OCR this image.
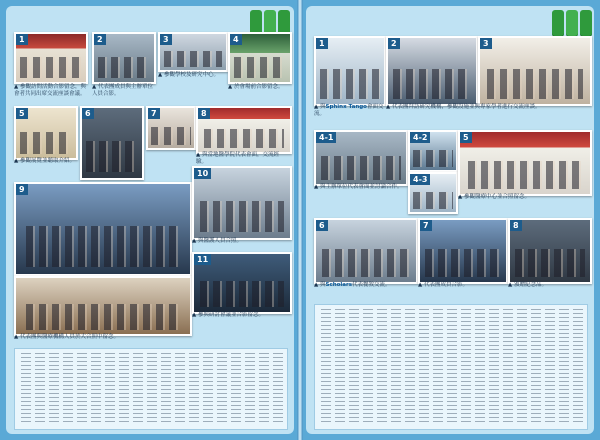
1
▲ 參觀訪問活動合影留念，與會者共同出席交流座談會議。
2
▲ 代表團成員與主辦單位人員合影。
3	4
▲ 參觀學校及研究中心。
▲ 於會場前合影留念。
5
▲ 參觀展覽並聽取介紹。
6	7	8
▲ 與當地醫學院代表會面，交流經驗。
9
10
▲ 與醫護人員合照。
11
▲ 代表團與醫療機構人員於大合照中留念。
▲ 參與研討會議並合影留念。
1
▲ 與Sphinx Tango會面交流。
2	3
▲ 代表團拜訪研究機構，參觀設施並與專家學者進行交流座談。
4-1	4-2
4-3
5
▲ 與主辦單位代表會面並討論合作。
▲ 參觀醫療中心並合照留念。
6	7	8
▲ 與Scholars代表餐敘交流。	▲ 代表團成員合影。	▲ 頒贈紀念品。
